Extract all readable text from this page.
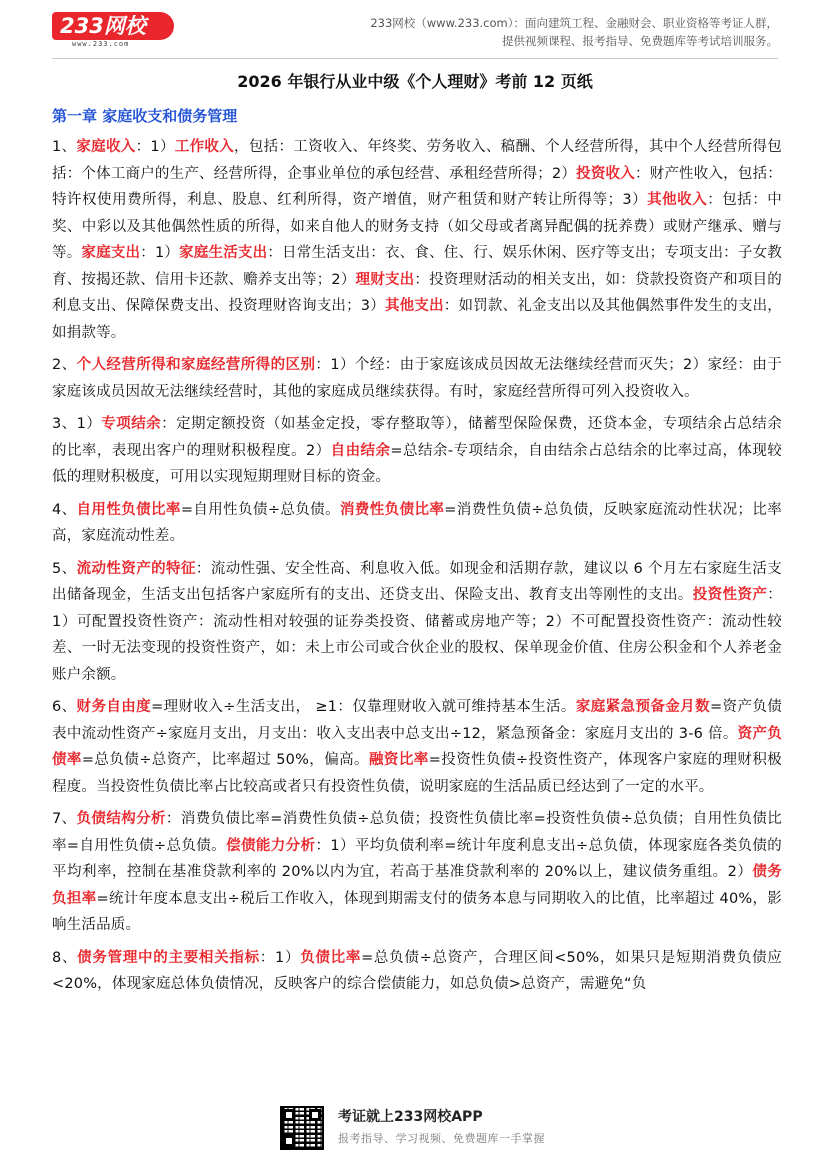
233网校
www.233.com
233网校（www.233.com）：面向建筑工程、金融财会、职业资格等考证人群，
提供视频课程、报考指导、免费题库等考试培训服务。
2026 年银行从业中级《个人理财》考前 12 页纸
第一章 家庭收支和债务管理

1、家庭收入：1）工作收入，包括：工资收入、年终奖、劳务收入、稿酬、个人经营所得，其中个人经营所得包括：个体工商户的生产、经营所得，企事业单位的承包经营、承租经营所得；2）投资收入：财产性收入，包括：特许权使用费所得，利息、股息、红利所得，资产增值，财产租赁和财产转让所得等；3）其他收入：包括：中奖、中彩以及其他偶然性质的所得，如来自他人的财务支持（如父母或者离异配偶的抚养费）或财产继承、赠与等。家庭支出：1）家庭生活支出：日常生活支出：衣、食、住、行、娱乐休闲、医疗等支出；专项支出：子女教育、按揭还款、信用卡还款、赡养支出等；2）理财支出：投资理财活动的相关支出，如：贷款投资资产和项目的利息支出、保障保费支出、投资理财咨询支出；3）其他支出：如罚款、礼金支出以及其他偶然事件发生的支出，如捐款等。

2、个人经营所得和家庭经营所得的区别：1）个经：由于家庭该成员因故无法继续经营而灭失；2）家经：由于家庭该成员因故无法继续经营时，其他的家庭成员继续获得。有时，家庭经营所得可列入投资收入。

3、1）专项结余：定期定额投资（如基金定投，零存整取等），储蓄型保险保费，还贷本金，专项结余占总结余的比率，表现出客户的理财积极程度。2）自由结余=总结余-专项结余，自由结余占总结余的比率过高，体现较低的理财积极度，可用以实现短期理财目标的资金。

4、自用性负债比率=自用性负债÷总负债。消费性负债比率=消费性负债÷总负债，反映家庭流动性状况；比率高，家庭流动性差。

5、流动性资产的特征：流动性强、安全性高、利息收入低。如现金和活期存款，建议以 6 个月左右家庭生活支出储备现金，生活支出包括客户家庭所有的支出、还贷支出、保险支出、教育支出等刚性的支出。投资性资产：1）可配置投资性资产：流动性相对较强的证券类投资、储蓄或房地产等；2）不可配置投资性资产：流动性较差、一时无法变现的投资性资产，如：未上市公司或合伙企业的股权、保单现金价值、住房公积金和个人养老金账户余额。

6、财务自由度=理财收入÷生活支出， ≥1：仅靠理财收入就可维持基本生活。家庭紧急预备金月数=资产负债表中流动性资产÷家庭月支出，月支出：收入支出表中总支出÷12，紧急预备金：家庭月支出的 3-6 倍。资产负债率=总负债÷总资产，比率超过 50%，偏高。融资比率=投资性负债÷投资性资产，体现客户家庭的理财积极程度。当投资性负债比率占比较高或者只有投资性负债，说明家庭的生活品质已经达到了一定的水平。

7、负债结构分析：消费负债比率=消费性负债÷总负债；投资性负债比率=投资性负债÷总负债；自用性负债比率=自用性负债÷总负债。偿债能力分析：1）平均负债利率=统计年度利息支出÷总负债，体现家庭各类负债的平均利率，控制在基准贷款利率的 20%以内为宜，若高于基准贷款利率的 20%以上，建议债务重组。2）债务负担率=统计年度本息支出÷税后工作收入，体现到期需支付的债务本息与同期收入的比值，比率超过 40%，影响生活品质。

8、债务管理中的主要相关指标：1）负债比率=总负债÷总资产，合理区间<50%，如果只是短期消费负债应<20%，体现家庭总体负债情况，反映客户的综合偿债能力，如总负债>总资产，需避免“负

考证就上233网校APP
报考指导、学习视频、免费题库一手掌握
